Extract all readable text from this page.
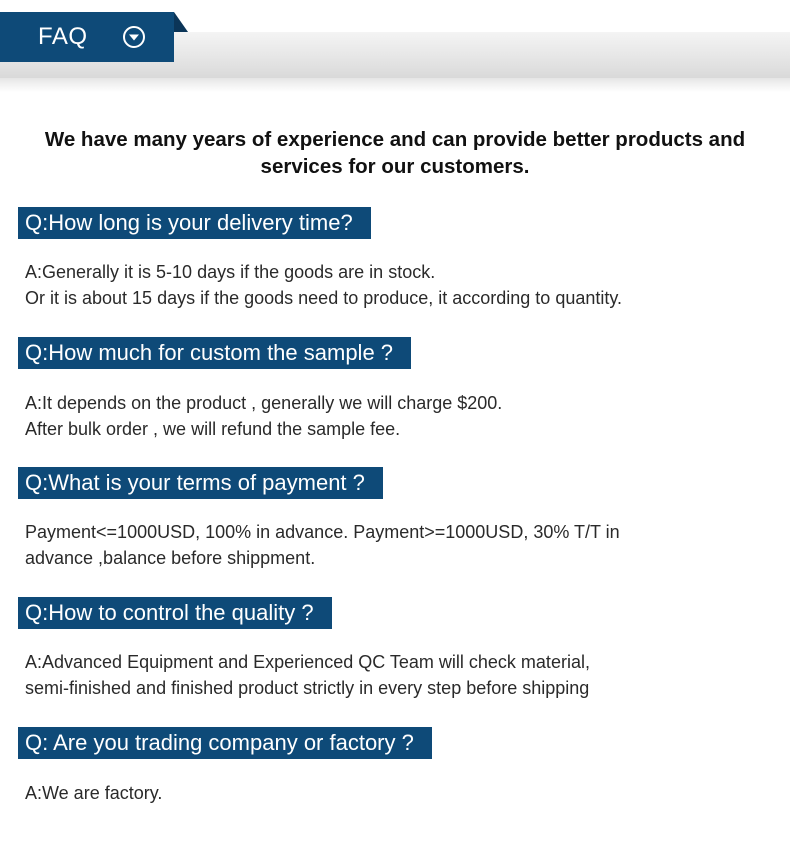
FAQ
We have many years of experience and can provide better products and
services for our customers.
Q:How long is your delivery time?
A:Generally it is 5-10 days if the goods are in stock.
Or it is about 15 days if the goods need to produce, it according to quantity.
Q:How much for custom the sample ?
A:It depends on the product , generally we will charge $200.
After bulk order , we will refund the sample fee.
Q:What is your terms of payment ?
Payment<=1000USD, 100% in advance. Payment>=1000USD, 30% T/T in
advance ,balance before shippment.
Q:How to control the quality ?
A:Advanced Equipment and Experienced QC Team will check material,
semi-finished and finished product strictly in every step before shipping
Q: Are you trading company or factory ?
A:We are factory.
